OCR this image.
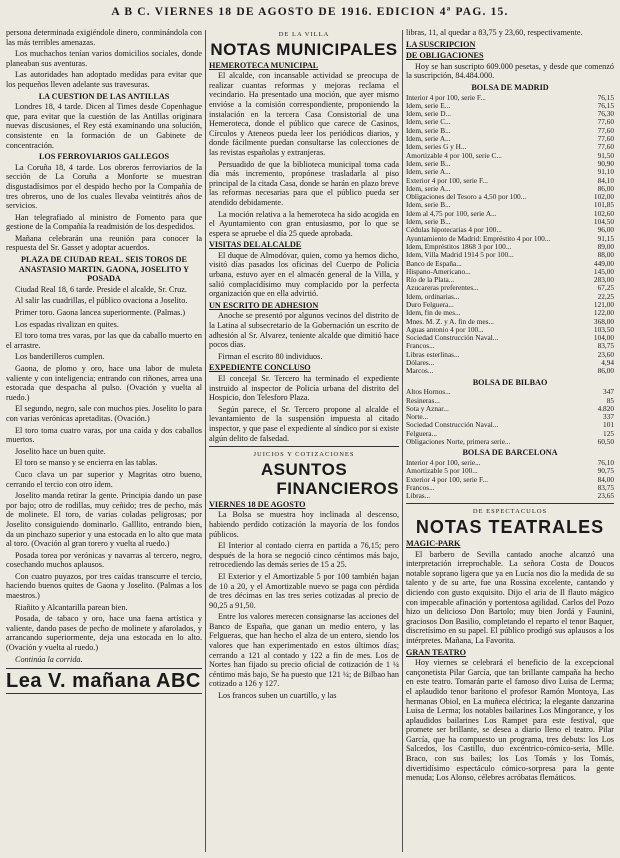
A B C. VIERNES 18 DE AGOSTO DE 1916. EDICION 4ª PAG. 15.

persona determinada exigiéndole dinero, conminándola con las más terribles amenazas.

Los muchachos tenían varios domicilios sociales, donde planeaban sus aventuras.

Las autoridades han adoptado medidas para evitar que los pequeños lleven adelante sus travesuras.

LA CUESTION DE LAS ANTILLAS

Londres 18, 4 tarde. Dicen al Times desde Copenhague que, para evitar que la cuestión de las Antillas originara nuevas discusiones, el Rey está examinando una solución, consistente en la formación de un Gabinete de concentración.

LOS FERROVIARIOS GALLEGOS

La Coruña 18, 4 tarde. Los obreros ferroviarios de la sección de La Coruña a Monforte se muestran disgustadísimos por el despido hecho por la Compañía de tres obreros, uno de los cuales llevaba veintitrés años de servicios.

Han telegrafiado al ministro de Fomento para que gestione de la Compañía la readmisión de los despedidos.

Mañana celebrarán una reunión para conocer la respuesta del Sr. Gasset y adoptar acuerdos.

PLAZA DE CIUDAD REAL. SEIS TOROS DE ANASTASIO MARTIN. GAONA, JOSELITO Y POSADA

Ciudad Real 18, 6 tarde. Preside el alcalde, Sr. Cruz.

Al salir las cuadrillas, el público ovaciona a Joselito.

Primer toro. Gaona lancea superiormente. (Palmas.)

Los espadas rivalizan en quites.

El toro toma tres varas, por las que da caballo muerto en el arrastre.

Los banderilleros cumplen.

Gaona, de plomo y oro, hace una labor de muleta valiente y con inteligencia; entrando con riñones, arrea una estocada que despacha al pulso. (Ovación y vuelta al ruedo.)

El segundo, negro, sale con muchos pies. Joselito lo para con varias verónicas apretaditas. (Ovación.)

El toro toma cuatro varas, por una caída y dos caballos muertos.

Joselito hace un buen quite.

El toro se manso y se encierra en las tablas.

Cuco clava un par superior y Magritas otro bueno, cerrando el tercio con otro ídem.

Joselito manda retirar la gente. Principia dando un pase por bajo; otro de rodillas, muy ceñido; tres de pecho, más de molinete. El toro, de varias coladas peligrosas; por Joselito consiguiendo dominarlo. Galllito, entrando bien, da un pinchazo superior y una estocada en lo alto que mata al toro. (Ovación al gran torero y vuelta al ruedo.)

Posada torea por verónicas y navarras al tercero, negro, cosechando muchos aplausos.

Con cuatro puyazos, por tres caídas transcurre el tercio, haciendo buenos quites de Gaona y Joselito. (Palmas a los maestros.)

Riañito y Alcantarilla parean bien.

Posada, de tabaco y oro, hace una faena artística y valiente, dando pases de pecho de molinete y afarolados, y arrancando superiormente, deja una estocada en lo alto. (Ovación y vuelta al ruedo.)

Continúa la corrida.

Lea V. mañana ABC
DE LA VILLA
NOTAS MUNICIPALES
HEMEROTECA MUNICIPAL

El alcalde, con incansable actividad se preocupa de realizar cuantas reformas y mejoras reclama el vecindario. Ha presentado una moción, que ayer mismo envióse a la comisión correspondiente, proponiendo la instalación en la tercera Casa Consistorial de una Hemeroteca, donde el público que carece de Casinos, Círculos y Ateneos pueda leer los periódicos diarios, y donde fácilmente puedan consultarse las colecciones de las revistas españolas y extranjeras.

Persuadido de que la biblioteca municipal toma cada día más incremento, propónese trasladarla al piso principal de la citada Casa, donde se harán en plazo breve las reformas necesarias para que el público pueda ser atendido debidamente.

La moción relativa a la hemeroteca ha sido acogida en el Ayuntamiento con gran entusiasmo, por lo que se espera se apruebe el día 25 quede aprobada.

VISITAS DEL ALCALDE

El duque de Almodóvar, quien, como ya hemos dicho, visitó días pasados los oficinas del Cuerpo de Policía urbana, estuvo ayer en el almacén general de la Villa, y salió complacidísimo muy complacido por la perfecta organización que en ella advirtió.

UN ESCRITO DE ADHESION

Anoche se presentó por algunos vecinos del distrito de la Latina al subsecretario de la Gobernación un escrito de adhesión al Sr. Alvarez, teniente alcalde que dimitió hace pocos días.

Firman el escrito 80 individuos.

EXPEDIENTE CONCLUSO

El concejal Sr. Tercero ha terminado el expediente instruido al inspector de Policía urbana del distrito del Hospicio, don Telesforo Plaza.

Según parece, el Sr. Tercero propone al alcalde el levantamiento de la suspensión impuesta al citado inspector, y que pase el expediente al síndico por si existe algún delito de falsedad.

JUICIOS Y COTIZACIONES
ASUNTOS
FINANCIEROS
VIERNES 18 DE AGOSTO

La Bolsa se muestra hoy inclinada al descenso, habiendo perdido cotización la mayoría de los fondos públicos.

El Interior al contado cierra en partida a 76,15; pero después de la hora se negoció cinco céntimos más bajo, retrocediendo las demás series de 15 a 25.

El Exterior y el Amortizable 5 por 100 también bajan de 10 a 20, y el Amortizable nuevo se paga con pérdida de tres décimas en las tres series cotizadas al precio de 90,25 a 91,50.

Entre los valores merecen consignarse las acciones del Banco de España, que ganan un medio entero, y las Felgueras, que han hecho el alza de un entero, siendo los valores que han experimentado en estos últimos días; cerrando a 121 al contado y 122 a fin de mes. Los de Nortes han fijado su precio oficial de cotización de 1 ¼ céntimo más bajo, Se ha puesto que 121 ¼; de Bilbao han cotizado a 126 y 127.

Los francos suben un cuartillo, y las

libras, 11, al quedar a 83,75 y 23,60, respectivamente.

LA SUSCRIPCION
DE OBLIGACIONES

Hoy se han suscripto 609.000 pesetas, y desde que comenzó la suscripción, 84.484.000.

BOLSA DE MADRID
Interior 4 por 100, serie F...	76,15
Idem, serie E...	76,15
Idem, serie D...	76,30
Idem, serie C...	77,60
Idem, serie B...	77,60
Idem, serie A...	77,60
Idem, series G y H...	77,60
Amortizable 4 por 100, serie C...	91,50
Idem, serie B...	90,90
Idem, serie A...	91,10
Exterior 4 por 100, serie F...	84,10
Idem, serie A...	86,00
Obligaciones del Tesoro a 4,50 por 100...	102,00
Idem, serie B...	101,85
Idem al 4,75 por 100, serie A...	102,60
Idem, serie B...	104,50
Cédulas hipotecarias 4 por 100...	96,00
Ayuntamiento de Madrid: Empréstito 4 por 100...	91,15
Idem, Empréstitos 1868 3 por 100...	89,00
Idem, Villa Madrid 1914 5 por 100...	88,00
Banco de España...	449,00
Hispano-Americano...	145,00
Río de la Plata...	283,00
Azucareras preferentes...	67,25
Idem, ordinarias...	22,25
Duro Felguera...	121,00
Idem, fin de mes...	122,00
Mnes. M. Z. y A. fin de mes...	368,00
Aguas antonio 4 por 100...	103,50
Sociedad Construcción Naval...	104,00
Francos...	83,75
Libras esterlinas...	23,60
Dólares...	4,94
Marcos...	86,00
BOLSA DE BILBAO
Altos Hornos...	347
Resineras...	85
Sota y Aznar...	4.820
Norte...	337
Sociedad Construcción Naval...	101
Felguera...	125
Obligaciones Norte, primera serie...	60,50
BOLSA DE BARCELONA
Interior 4 por 100, serie...	76,10
Amortizable 5 por 100...	90,75
Exterior 4 por 100, serie F...	84,00
Francos...	83,75
Libras...	23,65
DE ESPECTACULOS
NOTAS TEATRALES
MAGIC-PARK

El barbero de Sevilla cantado anoche alcanzó una interpretación irreprochable. La señora Costa de Doucos notable soprano ligera que ya en Lucía nos dio la medida de su talento y de su arte, fue una Rossina excelente, cantando y diciendo con gusto exquisito. Dijo el aria de Il flauto mágico con impecable afinación y portentosa agilidad. Carlos del Pozo hizo un delicioso Don Bartolo; muy bien Jordá y Faunini, graciosos Don Basilio, completando el reparto el tenor Baquer, discretísimo en su papel. El público prodigó sus aplausos a los intérpretes. Mañana, La Favorita.

GRAN TEATRO

Hoy viernes se celebrará el beneficio de la excepcional cançonetista Pilar García, que tan brillante campaña ha hecho en este teatro. Tomarán parte el famoso divo Luisa de Lerma; el aplaudido tenor barítono el profesor Ramón Montoya, Las hermanas Obiol, en La muñeca eléctrica; la elegante danzarina Luisa de Lerma; los notables bailarines Los Mingorance, y los aplaudidos bailarines Los Rampet para este festival, que promete ser brillante, se desea a diario lleno el teatro. Pilar García, que ha compuesto un programa, tres debuts: los Los Salcedos, los Castillo, duo excéntrico-cómico-seria, Mlle. Braco, con sus bailes; los Los Tomás y los Tomás, divertidísimo espectáculo cómico-sorpresa para la gente menuda; Los Alonso, célebres acróbatas flemáticos.
